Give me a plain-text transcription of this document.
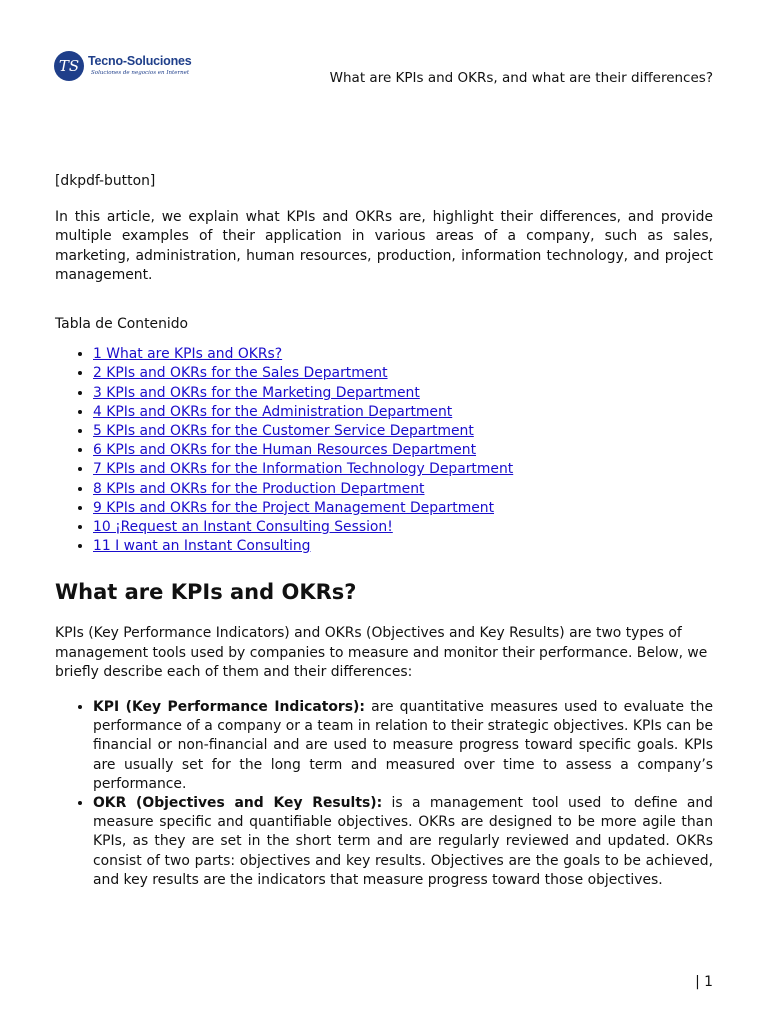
TS Tecno-Soluciones
Soluciones de negocios en Internet	What are KPIs and OKRs, and what are their differences?

[dkpdf-button]

In this article, we explain what KPIs and OKRs are, highlight their differences, and provide multiple examples of their application in various areas of a company, such as sales, marketing, administration, human resources, production, information technology, and project management.

Tabla de Contenido

• 1 What are KPIs and OKRs?
• 2 KPIs and OKRs for the Sales Department
• 3 KPIs and OKRs for the Marketing Department
• 4 KPIs and OKRs for the Administration Department
• 5 KPIs and OKRs for the Customer Service Department
• 6 KPIs and OKRs for the Human Resources Department
• 7 KPIs and OKRs for the Information Technology Department
• 8 KPIs and OKRs for the Production Department
• 9 KPIs and OKRs for the Project Management Department
• 10 ¡Request an Instant Consulting Session!
• 11 I want an Instant Consulting
What are KPIs and OKRs?

KPIs (Key Performance Indicators) and OKRs (Objectives and Key Results) are two types of management tools used by companies to measure and monitor their performance. Below, we briefly describe each of them and their differences:

• KPI (Key Performance Indicators): are quantitative measures used to evaluate the performance of a company or a team in relation to their strategic objectives. KPIs can be financial or non-financial and are used to measure progress toward specific goals. KPIs are usually set for the long term and measured over time to assess a company’s performance.
• OKR (Objectives and Key Results): is a management tool used to define and measure specific and quantifiable objectives. OKRs are designed to be more agile than KPIs, as they are set in the short term and are regularly reviewed and updated. OKRs consist of two parts: objectives and key results. Objectives are the goals to be achieved, and key results are the indicators that measure progress toward those objectives.
| 1
